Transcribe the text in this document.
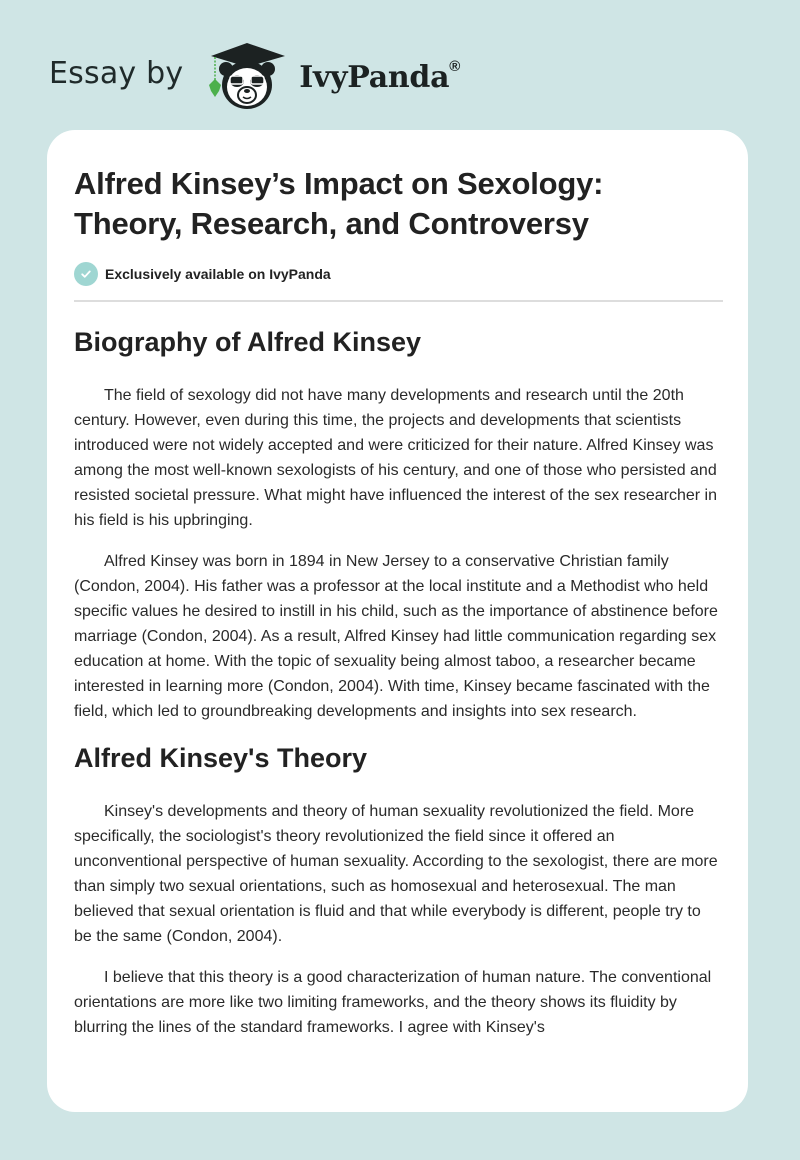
Essay by	IvyPanda®
Alfred Kinsey’s Impact on Sexology:
Theory, Research, and Controversy
Exclusively available on IvyPanda
Biography of Alfred Kinsey

The field of sexology did not have many developments and research until the 20th century. However, even during this time, the projects and developments that scientists introduced were not widely accepted and were criticized for their nature. Alfred Kinsey was among the most well-known sexologists of his century, and one of those who persisted and resisted societal pressure. What might have influenced the interest of the sex researcher in his field is his upbringing.

Alfred Kinsey was born in 1894 in New Jersey to a conservative Christian family (Condon, 2004). His father was a professor at the local institute and a Methodist who held specific values he desired to instill in his child, such as the importance of abstinence before marriage (Condon, 2004). As a result, Alfred Kinsey had little communication regarding sex education at home. With the topic of sexuality being almost taboo, a researcher became interested in learning more (Condon, 2004). With time, Kinsey became fascinated with the field, which led to groundbreaking developments and insights into sex research.

Alfred Kinsey's Theory

Kinsey's developments and theory of human sexuality revolutionized the field. More specifically, the sociologist's theory revolutionized the field since it offered an unconventional perspective of human sexuality. According to the sexologist, there are more than simply two sexual orientations, such as homosexual and heterosexual. The man believed that sexual orientation is fluid and that while everybody is different, people try to be the same (Condon, 2004).

I believe that this theory is a good characterization of human nature. The conventional orientations are more like two limiting frameworks, and the theory shows its fluidity by blurring the lines of the standard frameworks. I agree with Kinsey's
